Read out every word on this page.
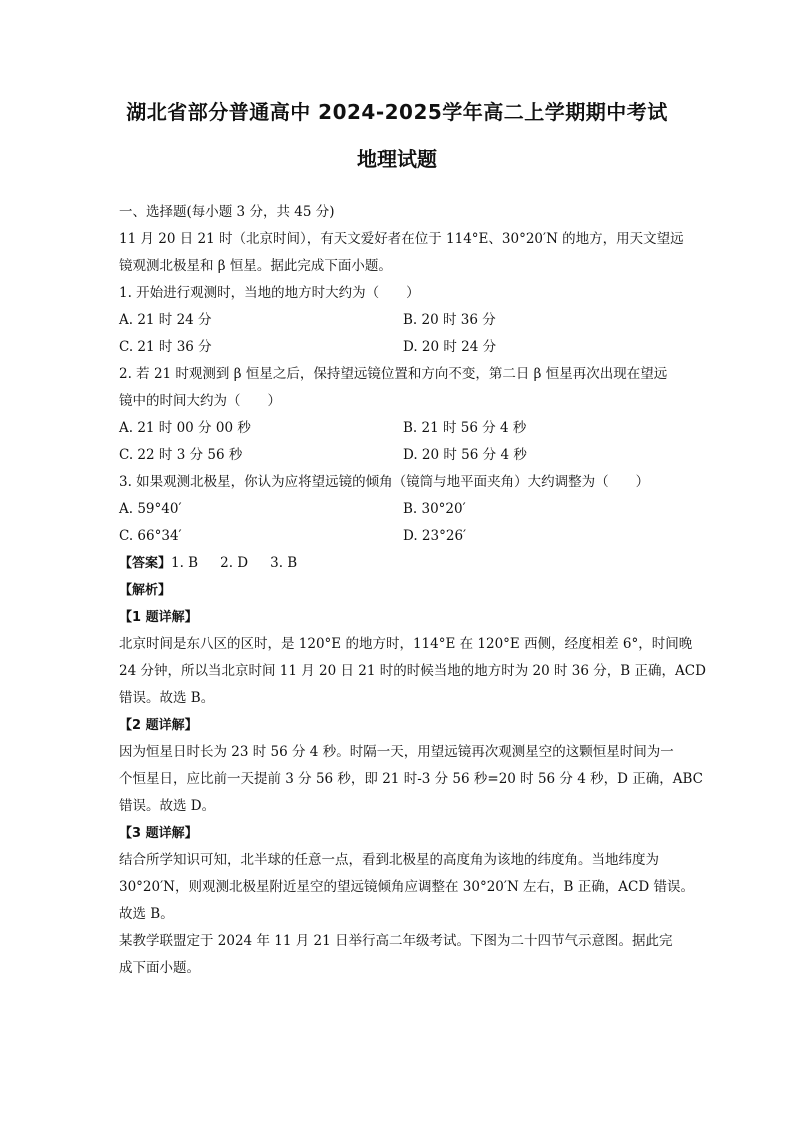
湖北省部分普通高中 2024-2025学年高二上学期期中考试
地理试题
一、选择题(每小题 3 分，共 45 分)
11 月 20 日 21 时（北京时间），有天文爱好者在位于 114°E、30°20′N 的地方，用天文望远
镜观测北极星和 β 恒星。据此完成下面小题。
1. 开始进行观测时，当地的地方时大约为（　　）
A. 21 时 24 分	B. 20 时 36 分
C. 21 时 36 分	D. 20 时 24 分
2. 若 21 时观测到 β 恒星之后，保持望远镜位置和方向不变，第二日 β 恒星再次出现在望远
镜中的时间大约为（　　）
A. 21 时 00 分 00 秒	B. 21 时 56 分 4 秒
C. 22 时 3 分 56 秒	D. 20 时 56 分 4 秒
3. 如果观测北极星，你认为应将望远镜的倾角（镜筒与地平面夹角）大约调整为（　　）
A. 59°40′	B. 30°20′
C. 66°34′	D. 23°26′
【答案】1. B 2. D 3. B
【解析】
【1 题详解】
北京时间是东八区的区时，是 120°E 的地方时，114°E 在 120°E 西侧，经度相差 6°，时间晚
24 分钟，所以当北京时间 11 月 20 日 21 时的时候当地的地方时为 20 时 36 分，B 正确，ACD
错误。故选 B。
【2 题详解】
因为恒星日时长为 23 时 56 分 4 秒。时隔一天，用望远镜再次观测星空的这颗恒星时间为一
个恒星日，应比前一天提前 3 分 56 秒，即 21 时-3 分 56 秒=20 时 56 分 4 秒，D 正确，ABC
错误。故选 D。
【3 题详解】
结合所学知识可知，北半球的任意一点，看到北极星的高度角为该地的纬度角。当地纬度为
30°20′N，则观测北极星附近星空的望远镜倾角应调整在 30°20′N 左右，B 正确，ACD 错误。
故选 B。
某教学联盟定于 2024 年 11 月 21 日举行高二年级考试。下图为二十四节气示意图。据此完
成下面小题。
